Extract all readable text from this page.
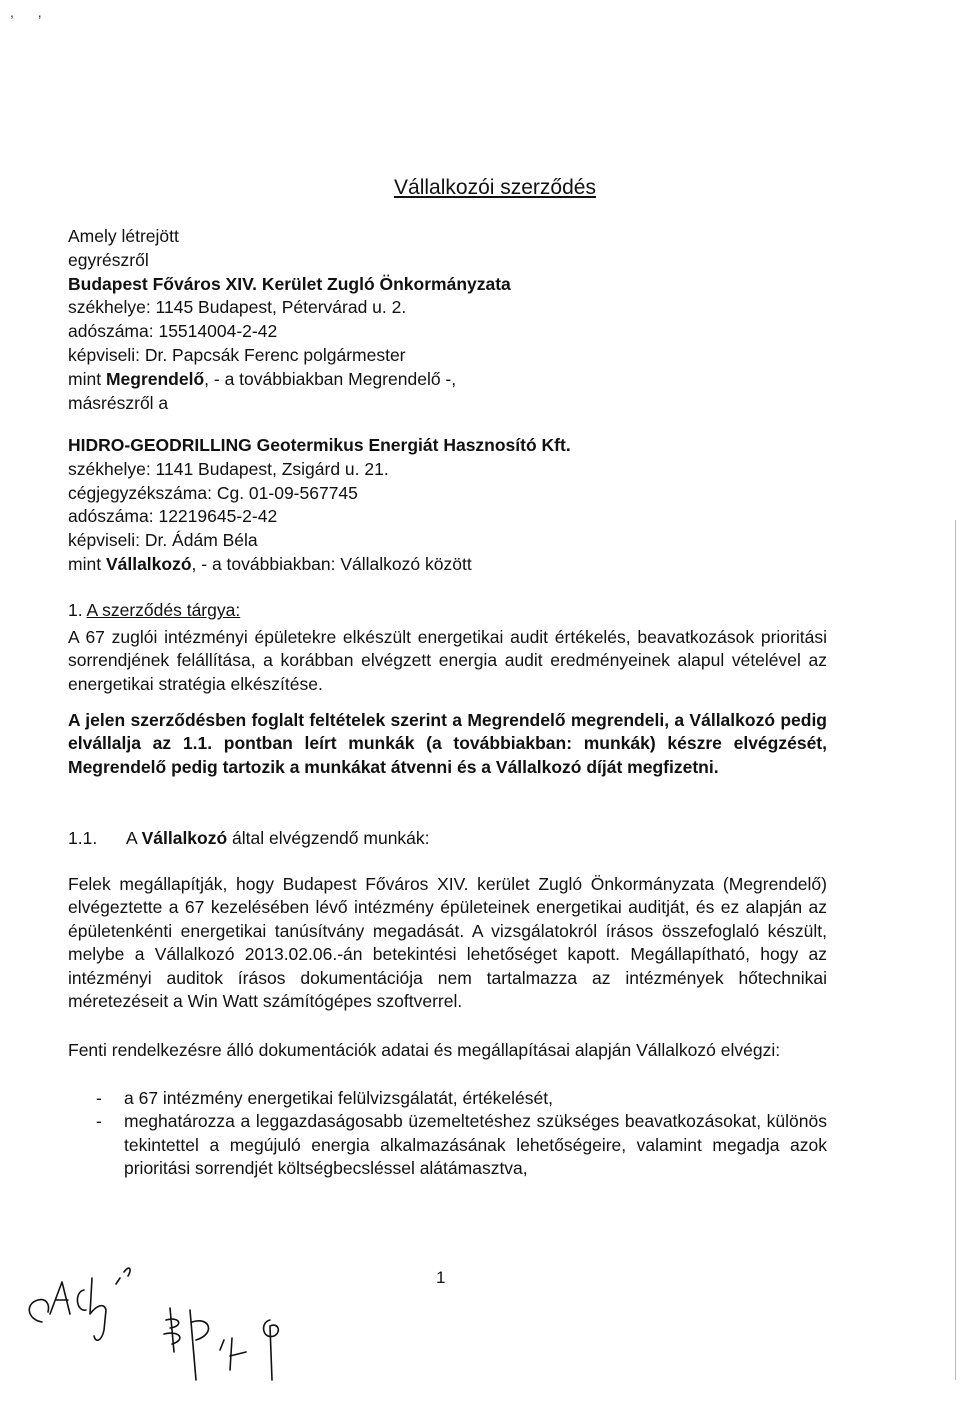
, ,
Vállalkozói szerződés
Amely létrejött
egyrészről
Budapest Főváros XIV. Kerület Zugló Önkormányzata
székhelye: 1145 Budapest, Pétervárad u. 2.
adószáma: 15514004-2-42
képviseli: Dr. Papcsák Ferenc polgármester
mint Megrendelő, - a továbbiakban Megrendelő -,
másrészről a
HIDRO-GEODRILLING Geotermikus Energiát Hasznosító Kft.
székhelye: 1141 Budapest, Zsigárd u. 21.
cégjegyzékszáma: Cg. 01-09-567745
adószáma: 12219645-2-42
képviseli: Dr. Ádám Béla
mint Vállalkozó, - a továbbiakban: Vállalkozó között
1. A szerződés tárgya:
A 67 zuglói intézményi épületekre elkészült energetikai audit értékelés, beavatkozások prioritási sorrendjének felállítása, a korábban elvégzett energia audit eredményeinek alapul vételével az energetikai stratégia elkészítése.
A jelen szerződésben foglalt feltételek szerint a Megrendelő megrendeli, a Vállalkozó pedig elvállalja az 1.1. pontban leírt munkák (a továbbiakban: munkák) készre elvégzését, Megrendelő pedig tartozik a munkákat átvenni és a Vállalkozó díját megfizetni.
1.1. A Vállalkozó által elvégzendő munkák:
Felek megállapítják, hogy Budapest Főváros XIV. kerület Zugló Önkormányzata (Megrendelő) elvégeztette a 67 kezelésében lévő intézmény épületeinek energetikai auditját, és ez alapján az épületenkénti energetikai tanúsítvány megadását. A vizsgálatokról írásos összefoglaló készült, melybe a Vállalkozó 2013.02.06.-án betekintési lehetőséget kapott. Megállapítható, hogy az intézményi auditok írásos dokumentációja nem tartalmazza az intézmények hőtechnikai méretezéseit a Win Watt számítógépes szoftverrel.
Fenti rendelkezésre álló dokumentációk adatai és megállapításai alapján Vállalkozó elvégzi:
- a 67 intézmény energetikai felülvizsgálatát, értékelését,
- meghatározza a leggazdaságosabb üzemeltetéshez szükséges beavatkozásokat, különös tekintettel a megújuló energia alkalmazásának lehetőségeire, valamint megadja azok prioritási sorrendjét költségbecsléssel alátámasztva,
1
